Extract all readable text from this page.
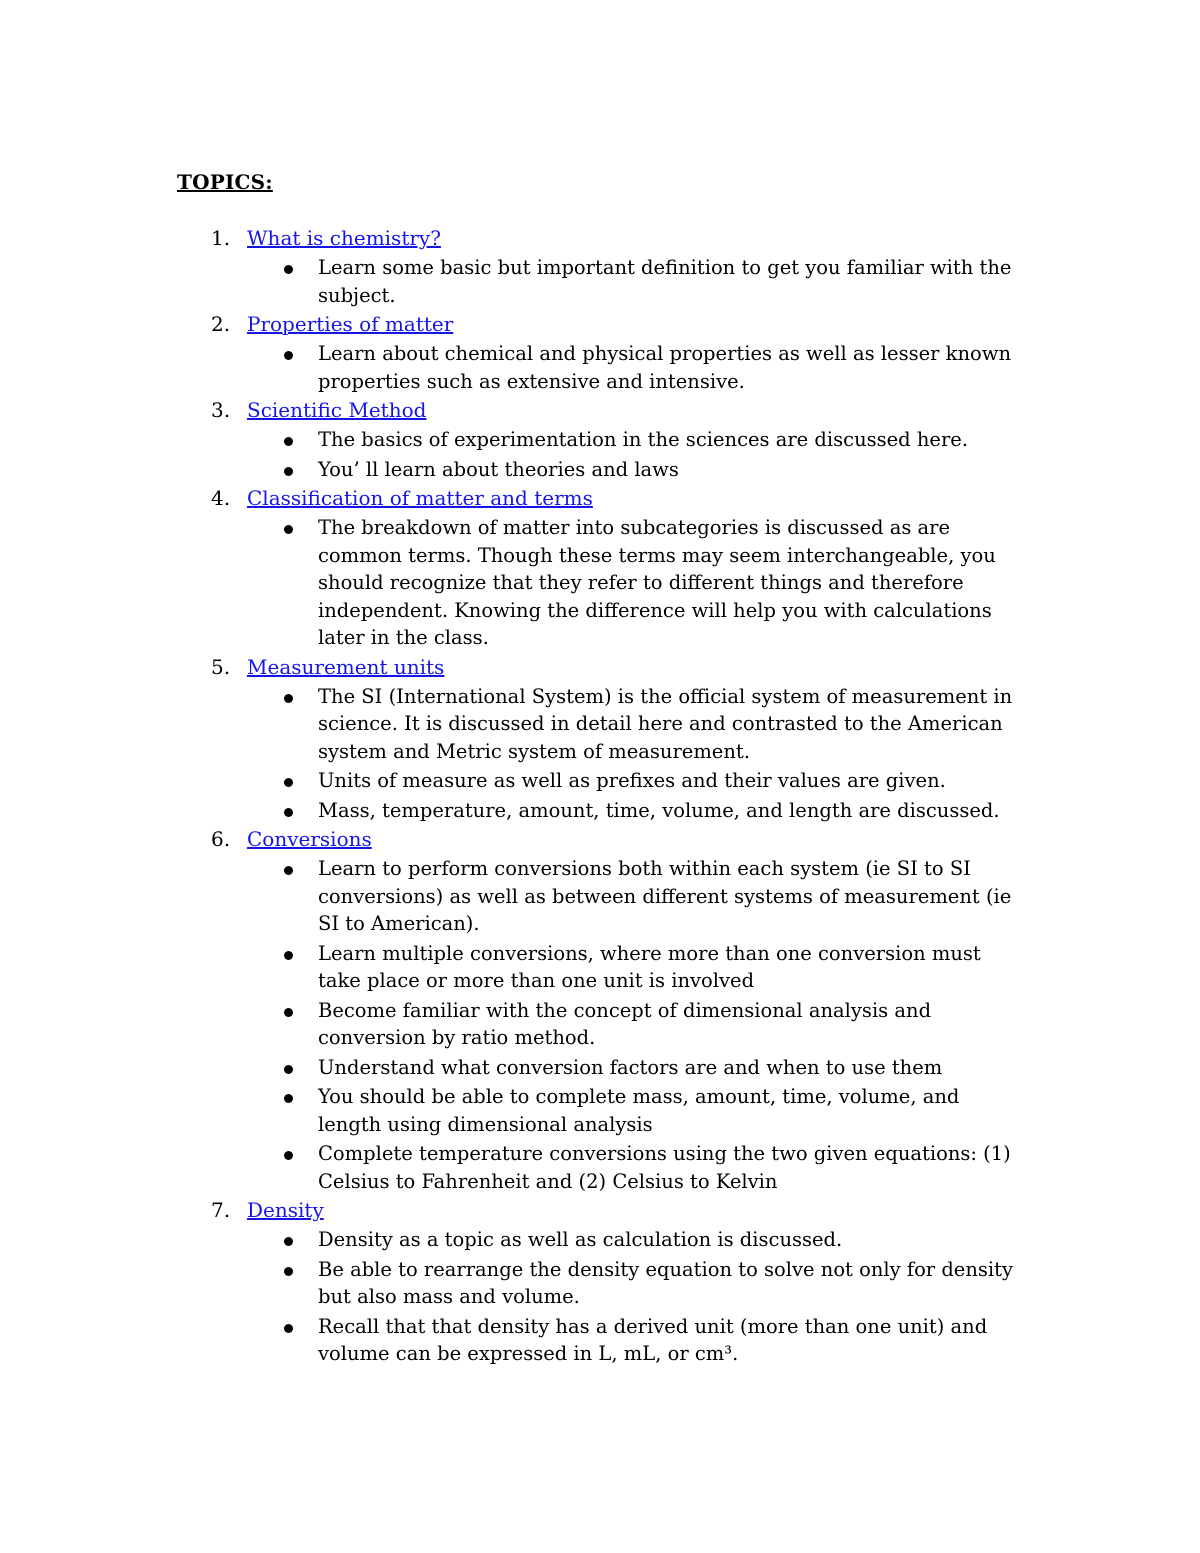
TOPICS:
1. What is chemistry?
Learn some basic but important definition to get you familiar with the subject.
2. Properties of matter
Learn about chemical and physical properties as well as lesser known properties such as extensive and intensive.
3. Scientific Method
The basics of experimentation in the sciences are discussed here.
You’ ll learn about theories and laws
4. Classification of matter and terms
The breakdown of matter into subcategories is discussed as are common terms. Though these terms may seem interchangeable, you should recognize that they refer to different things and therefore independent. Knowing the difference will help you with calculations later in the class.
5. Measurement units
The SI (International System) is the official system of measurement in science. It is discussed in detail here and contrasted to the American system and Metric system of measurement.
Units of measure as well as prefixes and their values are given.
Mass, temperature, amount, time, volume, and length are discussed.
6. Conversions
Learn to perform conversions both within each system (ie SI to SI conversions) as well as between different systems of measurement (ie SI to American).
Learn multiple conversions, where more than one conversion must take place or more than one unit is involved
Become familiar with the concept of dimensional analysis and conversion by ratio method.
Understand what conversion factors are and when to use them
You should be able to complete mass, amount, time, volume, and length using dimensional analysis
Complete temperature conversions using the two given equations: (1) Celsius to Fahrenheit and (2) Celsius to Kelvin
7. Density
Density as a topic as well as calculation is discussed.
Be able to rearrange the density equation to solve not only for density but also mass and volume.
Recall that that density has a derived unit (more than one unit) and volume can be expressed in L, mL, or cm³.
